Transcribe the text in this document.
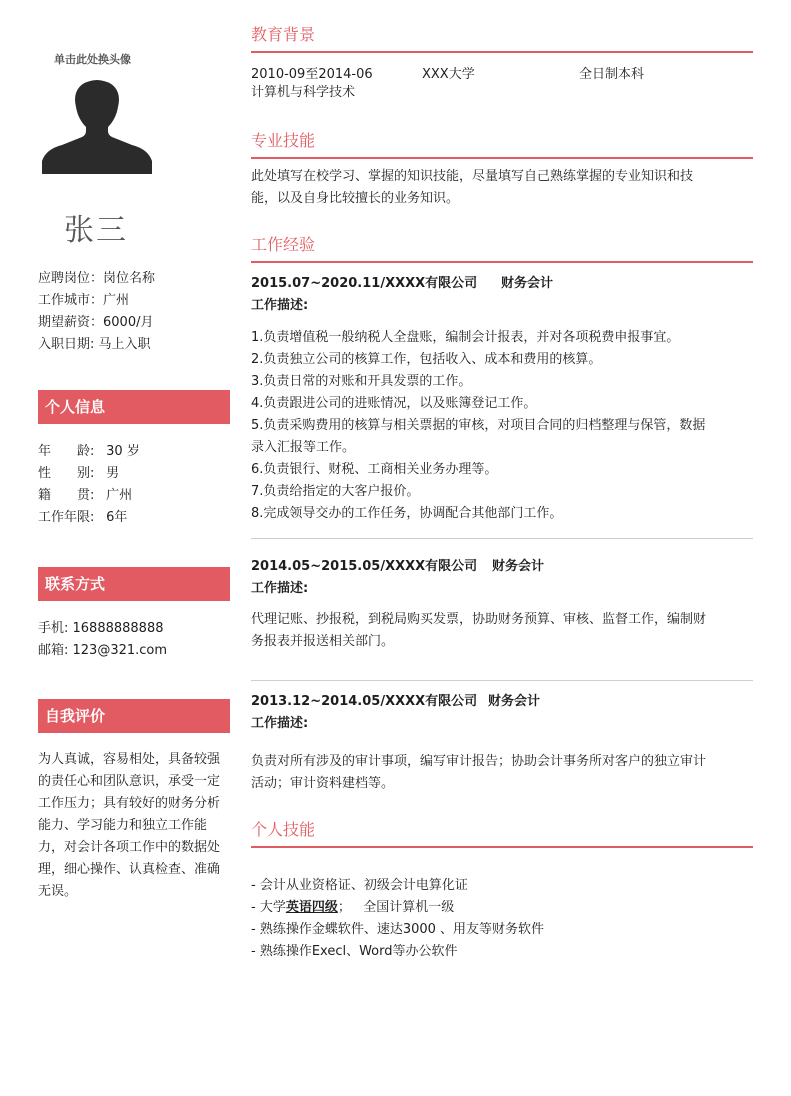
单击此处换头像
张三
应聘岗位：岗位名称
工作城市：广州
期望薪资：6000/月
入职日期: 马上入职
个人信息
年　　龄: 30 岁
性　　别: 男
籍　　贯: 广州
工作年限: 6年
联系方式
手机: 16888888888
邮箱: 123@321.com
自我评价
为人真诚，容易相处，具备较强
的责任心和团队意识，承受一定
工作压力；具有较好的财务分析
能力、学习能力和独立工作能
力，对会计各项工作中的数据处
理，细心操作、认真检查、准确
无误。
教育背景
2010-09至2014-06	XXX大学	全日制本科
计算机与科学技术
专业技能
此处填写在校学习、掌握的知识技能，尽量填写自己熟练掌握的专业知识和技
能，以及自身比较擅长的业务知识。
工作经验
2015.07~2020.11/XXXX有限公司 财务会计
工作描述:
1.负责增值税一般纳税人全盘账，编制会计报表，并对各项税费申报事宜。
2.负责独立公司的核算工作，包括收入、成本和费用的核算。
3.负责日常的对账和开具发票的工作。
4.负责跟进公司的进账情况，以及账簿登记工作。
5.负责采购费用的核算与相关票据的审核，对项目合同的归档整理与保管，数据
录入汇报等工作。
6.负责银行、财税、工商相关业务办理等。
7.负责给指定的大客户报价。
8.完成领导交办的工作任务，协调配合其他部门工作。
2014.05~2015.05/XXXX有限公司 财务会计
工作描述:
代理记账、抄报税，到税局购买发票，协助财务预算、审核、监督工作，编制财
务报表并报送相关部门。
2013.12~2014.05/XXXX有限公司 财务会计
工作描述:
负责对所有涉及的审计事项，编写审计报告；协助会计事务所对客户的独立审计
活动；审计资料建档等。
个人技能
- 会计从业资格证、初级会计电算化证
- 大学英语四级；   全国计算机一级
- 熟练操作金蝶软件、速达3000 、用友等财务软件
- 熟练操作Execl、Word等办公软件
